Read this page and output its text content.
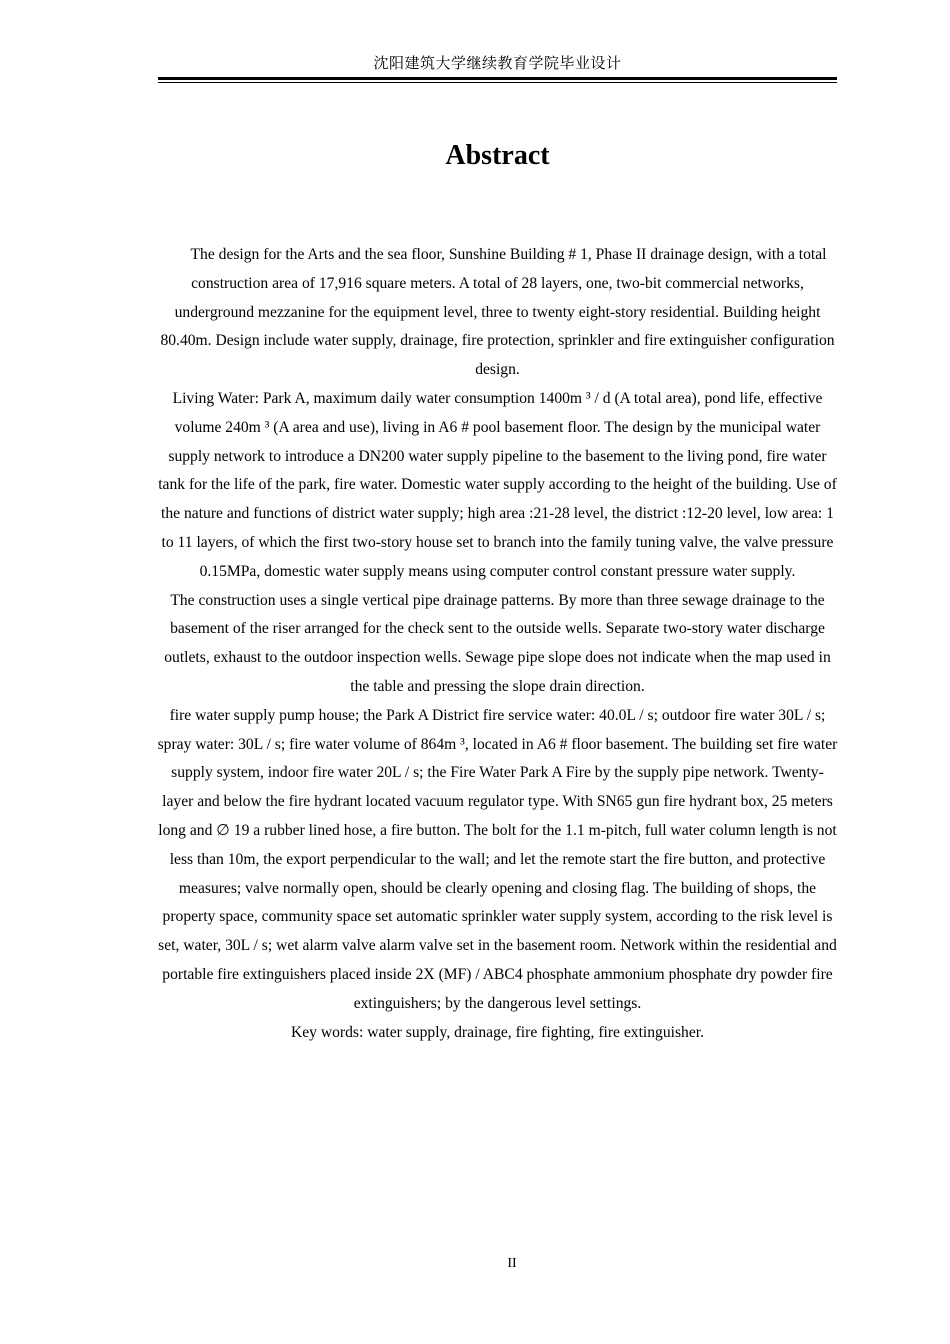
沈阳建筑大学继续教育学院毕业设计
Abstract

The design for the Arts and the sea floor, Sunshine Building # 1, Phase II drainage design, with a total construction area of 17,916 square meters. A total of 28 layers, one, two-bit commercial networks, underground mezzanine for the equipment level, three to twenty eight-story residential. Building height 80.40m. Design include water supply, drainage, fire protection, sprinkler and fire extinguisher configuration design.

Living Water: Park A, maximum daily water consumption 1400m ³ / d (A total area), pond life, effective volume 240m ³ (A area and use), living in A6 # pool basement floor. The design by the municipal water supply network to introduce a DN200 water supply pipeline to the basement to the living pond, fire water tank for the life of the park, fire water. Domestic water supply according to the height of the building. Use of the nature and functions of district water supply; high area :21-28 level, the district :12-20 level, low area: 1 to 11 layers, of which the first two-story house set to branch into the family tuning valve, the valve pressure 0.15MPa, domestic water supply means using computer control constant pressure water supply.

The construction uses a single vertical pipe drainage patterns. By more than three sewage drainage to the basement of the riser arranged for the check sent to the outside wells. Separate two-story water discharge outlets, exhaust to the outdoor inspection wells. Sewage pipe slope does not indicate when the map used in the table and pressing the slope drain direction.

fire water supply pump house; the Park A District fire service water: 40.0L / s; outdoor fire water 30L / s; spray water: 30L / s; fire water volume of 864m ³, located in A6 # floor basement. The building set fire water supply system, indoor fire water 20L / s; the Fire Water Park A Fire by the supply pipe network. Twenty-layer and below the fire hydrant located vacuum regulator type. With SN65 gun fire hydrant box, 25 meters long and ∅ 19 a rubber lined hose, a fire button. The bolt for the 1.1 m-pitch, full water column length is not less than 10m, the export perpendicular to the wall; and let the remote start the fire button, and protective measures; valve normally open, should be clearly opening and closing flag. The building of shops, the property space, community space set automatic sprinkler water supply system, according to the risk level is set, water, 30L / s; wet alarm valve alarm valve set in the basement room. Network within the residential and portable fire extinguishers placed inside 2X (MF) / ABC4 phosphate ammonium phosphate dry powder fire extinguishers; by the dangerous level settings.

Key words: water supply, drainage, fire fighting, fire extinguisher.

II
